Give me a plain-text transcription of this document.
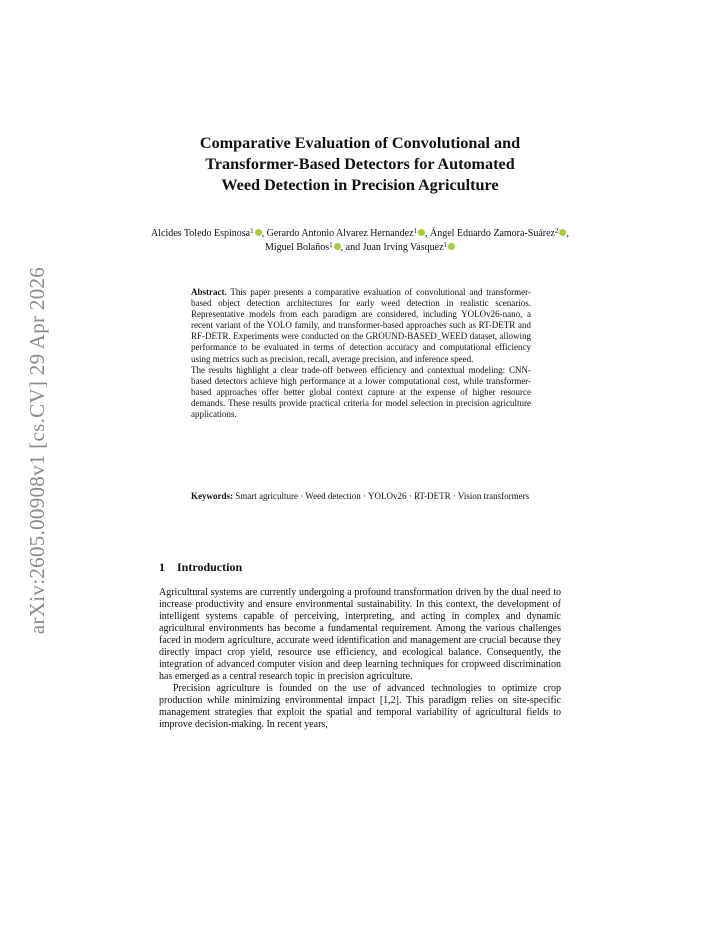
arXiv:2605.00908v1 [cs.CV] 29 Apr 2026
Comparative Evaluation of Convolutional and
Transformer-Based Detectors for Automated
Weed Detection in Precision Agriculture
Alcides Toledo Espinosa$^1$ , Gerardo Antonio Alvarez Hernandez$^1$ , Ángel Eduardo Zamora-Suárez$^2$ , Miguel Bolaños$^1$ , and Juan Irving Vasquez$^1$

Abstract. This paper presents a comparative evaluation of convolutional and transformer-based object detection architectures for early weed detection in realistic scenarios. Representative models from each paradigm are considered, including YOLOv26-nano, a recent variant of the YOLO family, and transformer-based approaches such as RT-DETR and RF-DETR. Experiments were conducted on the GROUND-BASED_WEED dataset, allowing performance to be evaluated in terms of detection accuracy and computational efficiency using metrics such as precision, recall, average precision, and inference speed.

The results highlight a clear trade-off between efficiency and contextual modeling: CNN-based detectors achieve high performance at a lower computational cost, while transformer-based approaches offer better global context capture at the expense of higher resource demands. These results provide practical criteria for model selection in precision agriculture applications.

Keywords: Smart agriculture · Weed detection · YOLOv26 · RT-DETR · Vision transformers
1 Introduction

Agricultural systems are currently undergoing a profound transformation driven by the dual need to increase productivity and ensure environmental sustainability. In this context, the development of intelligent systems capable of perceiving, interpreting, and acting in complex and dynamic agricultural environments has become a fundamental requirement. Among the various challenges faced in modern agriculture, accurate weed identification and management are crucial because they directly impact crop yield, resource use efficiency, and ecological balance. Consequently, the integration of advanced computer vision and deep learning techniques for cropweed discrimination has emerged as a central research topic in precision agriculture.

Precision agriculture is founded on the use of advanced technologies to optimize crop production while minimizing environmental impact [1,2]. This paradigm relies on site-specific management strategies that exploit the spatial and temporal variability of agricultural fields to improve decision-making. In recent years,
